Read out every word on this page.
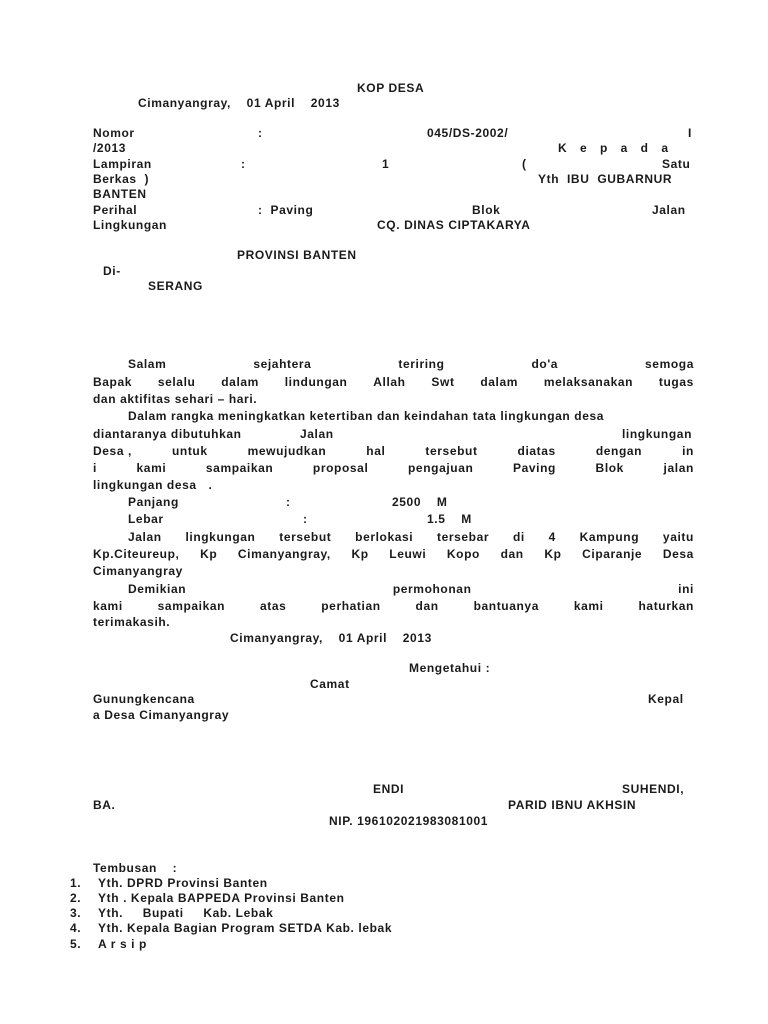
KOP DESA
Cimanyangray,    01 April    2013
Nomor	:	045/DS-2002/	I
/2013	K e p a d a
Lampiran	:	1	(	Satu
Berkas  )	Yth  IBU  GUBARNUR
BANTEN
Perihal	:  Paving	Blok	Jalan
Lingkungan	CQ. DINAS CIPTAKARYA
PROVINSI BANTEN
Di-
SERANG
Salam	sejahtera	teriring	do'a	semoga
Bapak selalu dalam lindungan Allah Swt dalam melaksanakan tugas
dan aktifitas sehari – hari.
Dalam rangka meningkatkan ketertiban dan keindahan tata lingkungan desa
diantaranya dibutuhkan	Jalan	lingkungan
Desa ,	untuk	mewujudkan	hal	tersebut	diatas	dengan	in
i	kami	sampaikan	proposal	pengajuan	Paving	Blok	jalan
lingkungan desa   .
Panjang	:	2500    M
Lebar	:	1.5    M
Jalan lingkungan tersebut berlokasi tersebar di 4 Kampung yaitu
Kp.Citeureup, Kp Cimanyangray, Kp Leuwi Kopo dan Kp Ciparanje Desa
Cimanyangray
Demikian	permohonan	ini
kami	sampaikan	atas	perhatian	dan	bantuanya	kami	haturkan
terimakasih.
Cimanyangray,    01 April    2013
Mengetahui :
Camat
Gunungkencana	Kepal
a Desa Cimanyangray
ENDI	SUHENDI,
BA.	PARID IBNU AKHSIN
NIP. 196102021983081001
Tembusan    :
1. Yth. DPRD Provinsi Banten
2. Yth . Kepala BAPPEDA Provinsi Banten
3. Yth.     Bupati     Kab. Lebak
4. Yth. Kepala Bagian Program SETDA Kab. lebak
5. A r s i p
